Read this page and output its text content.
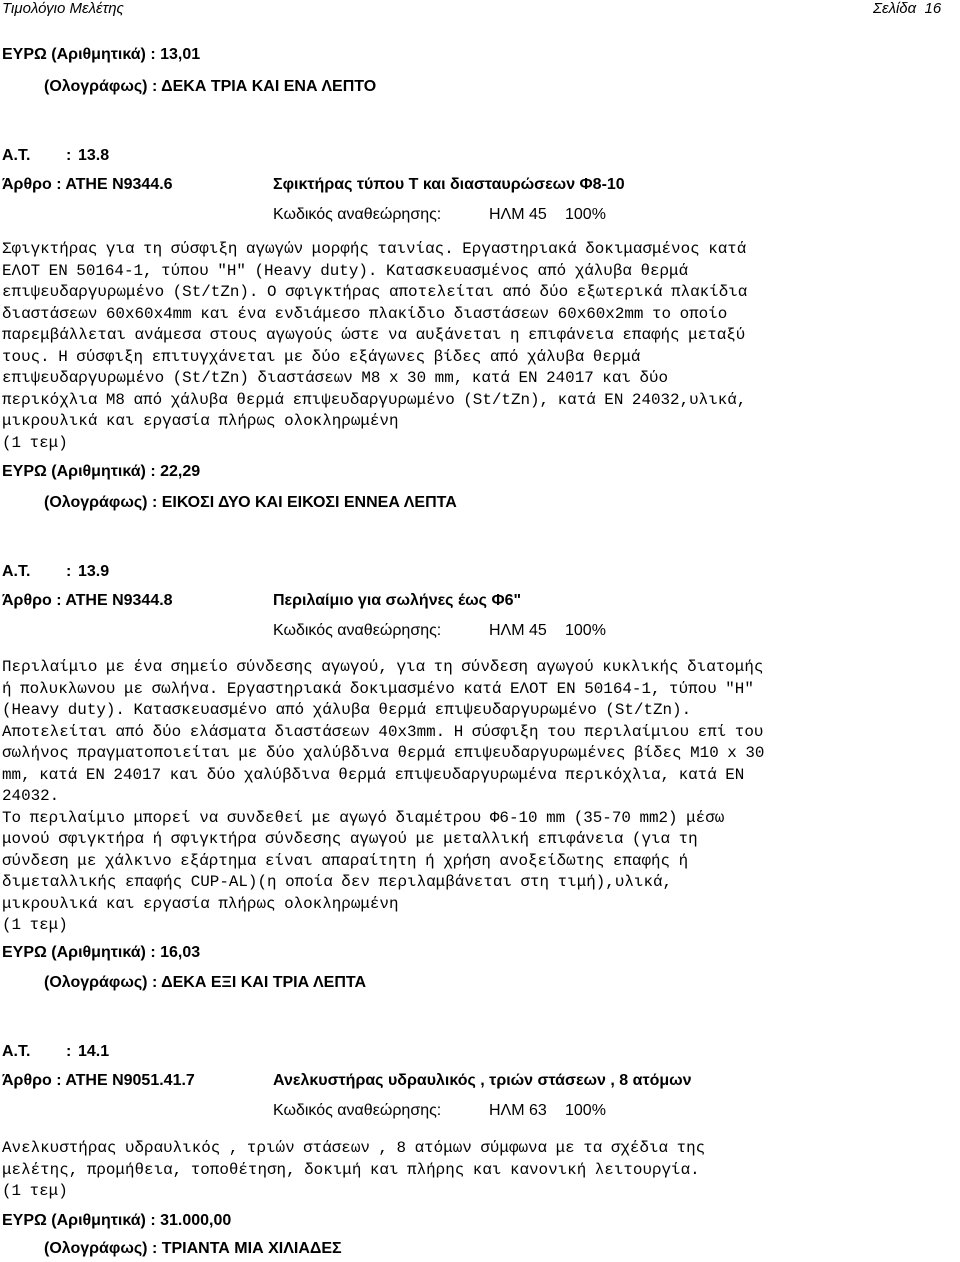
Τιμολόγιο Μελέτης	Σελίδα 16
ΕΥΡΩ (Αριθμητικά) : 13,01
(Ολογράφως) : ΔΕΚΑ ΤΡΙΑ ΚΑΙ ΕΝΑ ΛΕΠΤΟ
Α.Τ. : 13.8
Άρθρο : ΑΤΗΕ Ν9344.6	Σφικτήρας τύπου Τ και διασταυρώσεων Φ8-10
Κωδικός αναθεώρησης:	ΗΛΜ 45 100%
Σφιγκτήρας για τη σύσφιξη αγωγών μορφής ταινίας. Εργαστηριακά δοκιμασμένος κατά
ΕΛΟΤ ΕΝ 50164-1, τύπου "H" (Heavy duty). Κατασκευασμένος από χάλυβα θερμά
επιψευδαργυρωμένο (St/tZn). Ο σφιγκτήρας αποτελείται από δύο εξωτερικά πλακίδια
διαστάσεων 60x60x4mm και ένα ενδιάμεσο πλακίδιο διαστάσεων 60x60x2mm το οποίο
παρεμβάλλεται ανάμεσα στους αγωγούς ώστε να αυξάνεται η επιφάνεια επαφής μεταξύ
τους. Η σύσφιξη επιτυγχάνεται με δύο εξάγωνες βίδες από χάλυβα θερμά
επιψευδαργυρωμένο (St/tZn) διαστάσεων M8 x 30 mm, κατά ΕΝ 24017 και δύο
περικόχλια M8 από χάλυβα θερμά επιψευδαργυρωμένο (St/tZn), κατά ΕΝ 24032,υλικά,
μικρουλικά και εργασία πλήρως ολοκληρωμένη
(1 τεμ)
ΕΥΡΩ (Αριθμητικά) : 22,29
(Ολογράφως) : ΕΙΚΟΣΙ ΔΥΟ ΚΑΙ ΕΙΚΟΣΙ ΕΝΝΕΑ ΛΕΠΤΑ
Α.Τ. : 13.9
Άρθρο : ΑΤΗΕ Ν9344.8	Περιλαίμιο για σωλήνες έως Φ6"
Κωδικός αναθεώρησης:	ΗΛΜ 45 100%
Περιλαίμιο με ένα σημείο σύνδεσης αγωγού, για τη σύνδεση αγωγού κυκλικής διατομής
ή πολυκλωνου με σωλήνα. Εργαστηριακά δοκιμασμένο κατά ΕΛΟΤ ΕΝ 50164-1, τύπου "H"
(Heavy duty). Κατασκευασμένο από χάλυβα θερμά επιψευδαργυρωμένο (St/tZn).
Αποτελείται από δύο ελάσματα διαστάσεων 40x3mm. Η σύσφιξη του περιλαίμιου επί του
σωλήνος πραγματοποιείται με δύο χαλύβδινα θερμά επιψευδαργυρωμένες βίδες M10 x 30
mm, κατά ΕΝ 24017 και δύο χαλύβδινα θερμά επιψευδαργυρωμένα περικόχλια, κατά ΕΝ
24032.
Το περιλαίμιο μπορεί να συνδεθεί με αγωγό διαμέτρου Φ6-10 mm (35-70 mm2) μέσω
μονού σφιγκτήρα ή σφιγκτήρα σύνδεσης αγωγού με μεταλλική επιφάνεια (για τη
σύνδεση με χάλκινο εξάρτημα είναι απαραίτητη ή χρήση ανοξείδωτης επαφής ή
διμεταλλικής επαφής CUP-AL)(η οποία δεν περιλαμβάνεται στη τιμή),υλικά,
μικρουλικά και εργασία πλήρως ολοκληρωμένη
(1 τεμ)
ΕΥΡΩ (Αριθμητικά) : 16,03
(Ολογράφως) : ΔΕΚΑ ΕΞΙ ΚΑΙ ΤΡΙΑ ΛΕΠΤΑ
Α.Τ. : 14.1
Άρθρο : ΑΤΗΕ Ν9051.41.7	Ανελκυστήρας υδραυλικός , τριών στάσεων , 8 ατόμων
Κωδικός αναθεώρησης:	ΗΛΜ 63 100%
Ανελκυστήρας υδραυλικός , τριών στάσεων , 8 ατόμων σύμφωνα με τα σχέδια της
μελέτης, προμήθεια, τοποθέτηση, δοκιμή και πλήρης και κανονική λειτουργία.
(1 τεμ)
ΕΥΡΩ (Αριθμητικά) : 31.000,00
(Ολογράφως) : ΤΡΙΑΝΤΑ ΜΙΑ ΧΙΛΙΑΔΕΣ
